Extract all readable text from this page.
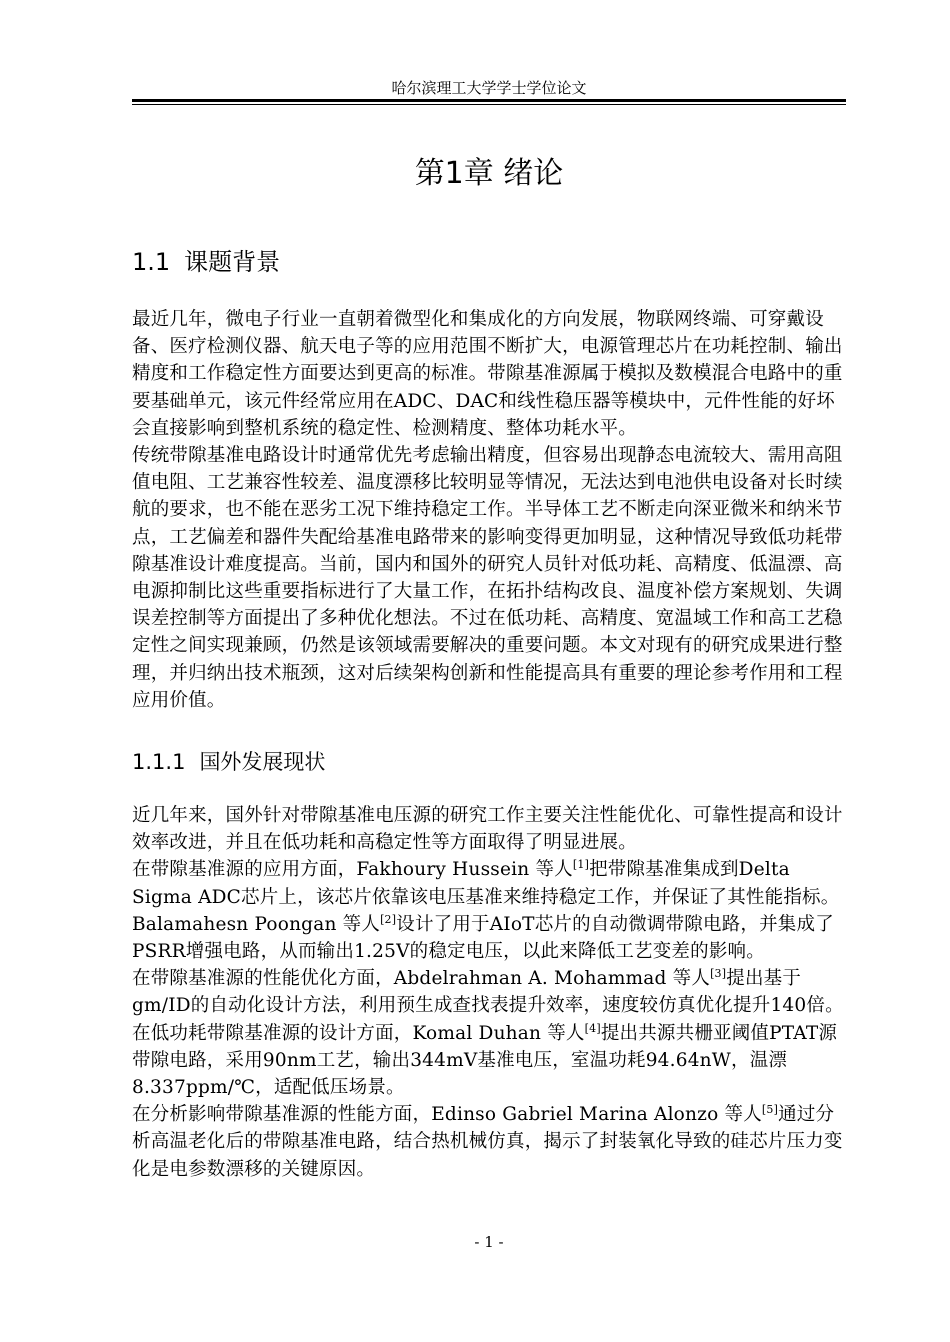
哈尔滨理工大学学士学位论文
第1章 绪论
1.1 课题背景

最近几年，微电子行业一直朝着微型化和集成化的方向发展，物联网终端、可穿戴设备、医疗检测仪器、航天电子等的应用范围不断扩大，电源管理芯片在功耗控制、输出精度和工作稳定性方面要达到更高的标准。带隙基准源属于模拟及数模混合电路中的重要基础单元，该元件经常应用在ADC、DAC和线性稳压器等模块中，元件性能的好坏会直接影响到整机系统的稳定性、检测精度、整体功耗水平。

传统带隙基准电路设计时通常优先考虑输出精度，但容易出现静态电流较大、需用高阻值电阻、工艺兼容性较差、温度漂移比较明显等情况，无法达到电池供电设备对长时续航的要求，也不能在恶劣工况下维持稳定工作。半导体工艺不断走向深亚微米和纳米节点，工艺偏差和器件失配给基准电路带来的影响变得更加明显，这种情况导致低功耗带隙基准设计难度提高。当前，国内和国外的研究人员针对低功耗、高精度、低温漂、高电源抑制比这些重要指标进行了大量工作，在拓扑结构改良、温度补偿方案规划、失调误差控制等方面提出了多种优化想法。不过在低功耗、高精度、宽温域工作和高工艺稳定性之间实现兼顾，仍然是该领域需要解决的重要问题。本文对现有的研究成果进行整理，并归纳出技术瓶颈，这对后续架构创新和性能提高具有重要的理论参考作用和工程应用价值。

1.1.1 国外发展现状

近几年来，国外针对带隙基准电压源的研究工作主要关注性能优化、可靠性提高和设计效率改进，并且在低功耗和高稳定性等方面取得了明显进展。

在带隙基准源的应用方面，Fakhoury Hussein 等人[1]把带隙基准集成到Delta Sigma ADC芯片上，该芯片依靠该电压基准来维持稳定工作，并保证了其性能指标。Balamahesn Poongan 等人[2]设计了用于AIoT芯片的自动微调带隙电路，并集成了PSRR增强电路，从而输出1.25V的稳定电压，以此来降低工艺变差的影响。

在带隙基准源的性能优化方面，Abdelrahman A. Mohammad 等人[3]提出基于gm/ID的自动化设计方法，利用预生成查找表提升效率，速度较仿真优化提升140倍。

在低功耗带隙基准源的设计方面，Komal Duhan 等人[4]提出共源共栅亚阈值PTAT源带隙电路，采用90nm工艺，输出344mV基准电压，室温功耗94.64nW，温漂8.337ppm/℃，适配低压场景。

在分析影响带隙基准源的性能方面，Edinso Gabriel Marina Alonzo 等人[5]通过分析高温老化后的带隙基准电路，结合热机械仿真，揭示了封装氧化导致的硅芯片压力变化是电参数漂移的关键原因。

- 1 -
